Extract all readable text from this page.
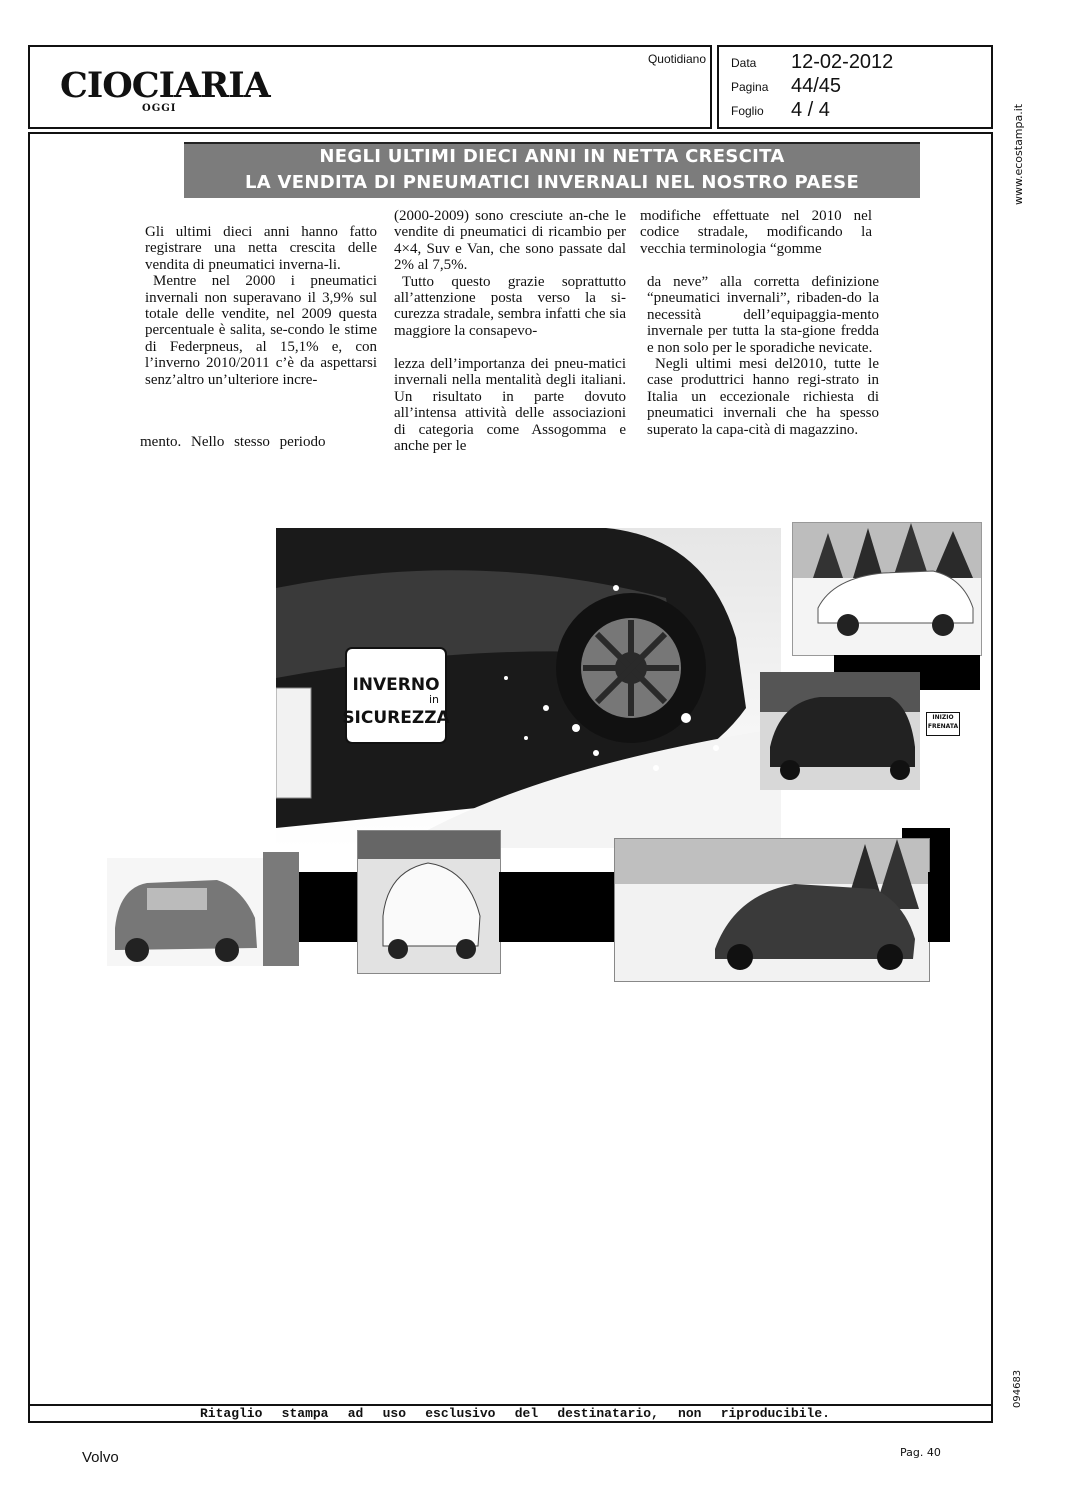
CIOCIARIA
OGGI
Quotidiano Data 12-02-2012
Pagina 44/45
Foglio 4 / 4
NEGLI ULTIMI DIECI ANNI IN NETTA CRESCITA
LA VENDITA DI PNEUMATICI INVERNALI NEL NOSTRO PAESE

Gli ultimi dieci anni hanno fatto registrare una netta crescita delle vendita di pneumatici inverna-li.

Mentre nel 2000 i pneumatici invernali non superavano il 3,9% sul totale delle vendite, nel 2009 questa percentuale è salita, se-condo le stime di Federpneus, al 15,1% e, con l’inverno 2010/2011 c’è da aspettarsi senz’altro un’ulteriore incre-

mento. Nello stesso periodo

(2000-2009) sono cresciute an-che le vendite di pneumatici di ricambio per 4×4, Suv e Van, che sono passate dal 2% al 7,5%.

Tutto questo grazie soprattutto all’attenzione posta verso la si-curezza stradale, sembra infatti che sia maggiore la consapevo-

lezza dell’importanza dei pneu-matici invernali nella mentalità degli italiani. Un risultato in parte dovuto all’intensa attività delle associazioni di categoria come Assogomma e anche per le

modifiche effettuate nel 2010 nel codice stradale, modificando la vecchia terminologia “gomme

da neve” alla corretta definizione “pneumatici invernali”, ribaden-do la necessità dell’equipaggia-mento invernale per tutta la sta-gione fredda e non solo per le sporadiche nevicate.

Negli ultimi mesi del2010, tutte le case produttrici hanno regi-strato in Italia un eccezionale richiesta di pneumatici invernali che ha spesso superato la capa-cità di magazzino.

INVERNO
in
SICUREZZA	INIZIO
FRENATA
www.ecostampa.it
094683
Ritaglio stampa ad uso esclusivo del destinatario, non riproducibile.
Volvo	Pag. 40
